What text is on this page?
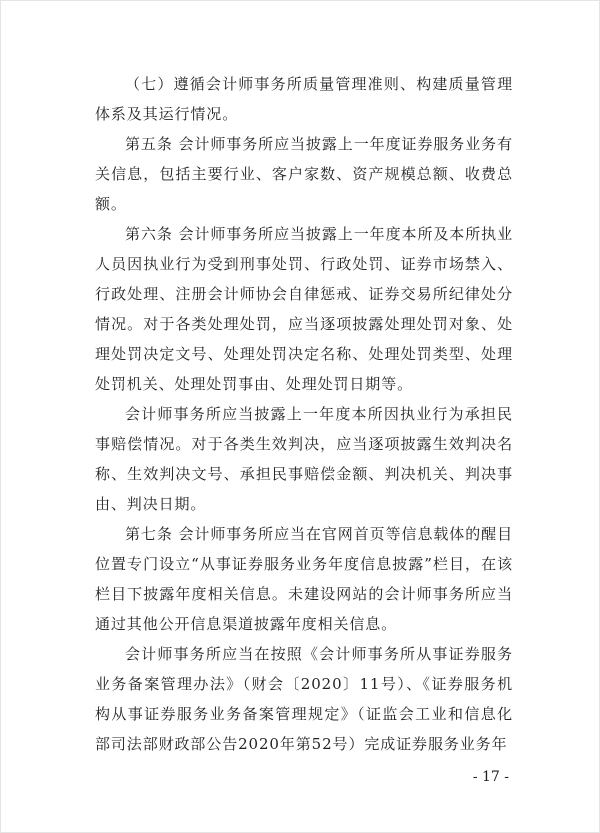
（七）遵循会计师事务所质量管理准则、构建质量管理体系及其运行情况。

第五条 会计师事务所应当披露上一年度证券服务业务有关信息，包括主要行业、客户家数、资产规模总额、收费总额。

第六条 会计师事务所应当披露上一年度本所及本所执业人员因执业行为受到刑事处罚、行政处罚、证券市场禁入、行政处理、注册会计师协会自律惩戒、证券交易所纪律处分情况。对于各类处理处罚，应当逐项披露处理处罚对象、处理处罚决定文号、处理处罚决定名称、处理处罚类型、处理处罚机关、处理处罚事由、处理处罚日期等。

会计师事务所应当披露上一年度本所因执业行为承担民事赔偿情况。对于各类生效判决，应当逐项披露生效判决名称、生效判决文号、承担民事赔偿金额、判决机关、判决事由、判决日期。

第七条 会计师事务所应当在官网首页等信息载体的醒目位置专门设立“从事证券服务业务年度信息披露”栏目，在该栏目下披露年度相关信息。未建设网站的会计师事务所应当通过其他公开信息渠道披露年度相关信息。

会计师事务所应当在按照《会计师事务所从事证券服务业务备案管理办法》（财会〔2020〕11号）、《证券服务机构从事证券服务业务备案管理规定》（证监会工业和信息化部司法部财政部公告2020年第52号）完成证券服务业务年

- 17 -
